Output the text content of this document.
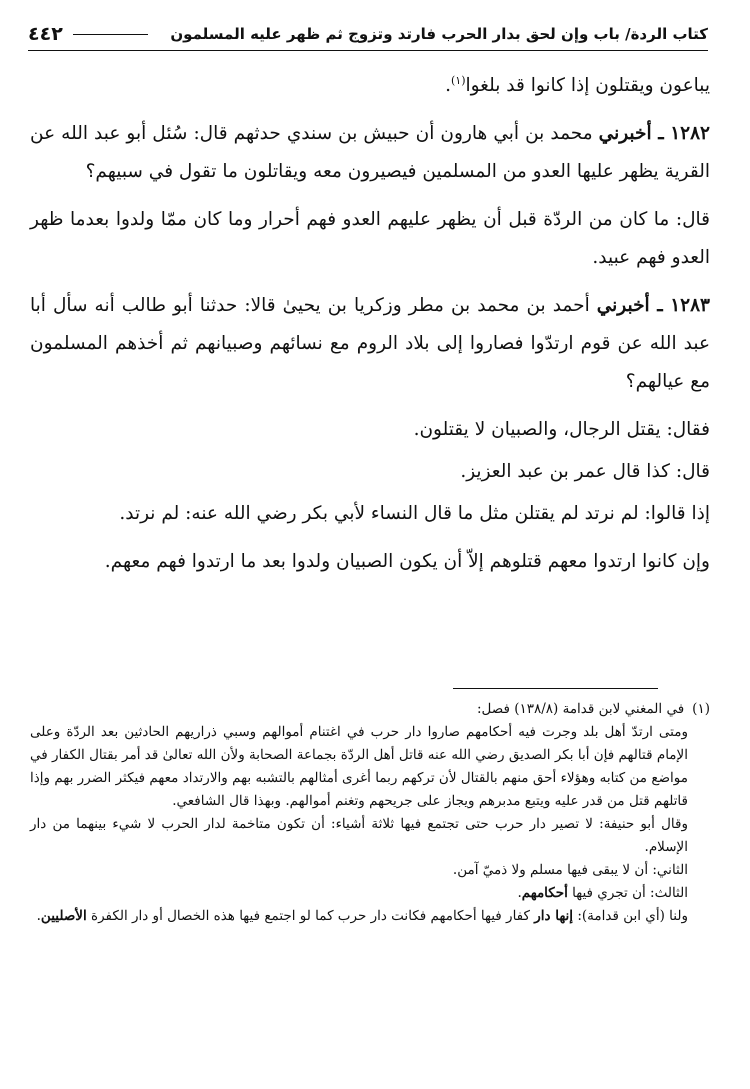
كتاب الردة/ باب وإن لحق بدار الحرب فارتد وتزوج ثم ظهر عليه المسلمون
٤٤٢

يباعون ويقتلون إذا كانوا قد بلغوا$^{(١)}$.

١٢٨٢ ـ أخبرني محمد بن أبي هارون أن حبيش بن سندي حدثهم قال: سُئل أبو عبد الله عن القرية يظهر عليها العدو من المسلمين فيصيرون معه ويقاتلون ما تقول في سبيهم؟

قال: ما كان من الردّة قبل أن يظهر عليهم العدو فهم أحرار وما كان ممّا ولدوا بعدما ظهر العدو فهم عبيد.

١٢٨٣ ـ أخبرني أحمد بن محمد بن مطر وزكريا بن يحيىٰ قالا: حدثنا أبو طالب أنه سأل أبا عبد الله عن قوم ارتدّوا فصاروا إلى بلاد الروم مع نسائهم وصبيانهم ثم أخذهم المسلمون مع عيالهم؟

فقال: يقتل الرجال، والصبيان لا يقتلون.

قال: كذا قال عمر بن عبد العزيز.

إذا قالوا: لم نرتد لم يقتلن مثل ما قال النساء لأبي بكر رضي الله عنه: لم نرتد.

وإن كانوا ارتدوا معهم قتلوهم إلاّ أن يكون الصبيان ولدوا بعد ما ارتدوا فهم معهم.

(١)
في المغني لابن قدامة (١٣٨/٨) فصل:

ومتى ارتدّ أهل بلد وجرت فيه أحكامهم صاروا دار حرب في اغتنام أموالهم وسبي ذراريهم الحادثين بعد الردّة وعلى الإمام قتالهم فإن أبا بكر الصديق رضي الله عنه قاتل أهل الردّة بجماعة الصحابة ولأن الله تعالىٰ قد أمر بقتال الكفار في مواضع من كتابه وهؤلاء أحق منهم بالقتال لأن تركهم ربما أغرى أمثالهم بالتشبه بهم والارتداد معهم فيكثر الضرر بهم وإذا قاتلهم قتل من قدر عليه ويتبع مدبرهم ويجاز على جريحهم وتغنم أموالهم. وبهذا قال الشافعي.

وقال أبو حنيفة: لا تصير دار حرب حتى تجتمع فيها ثلاثة أشياء: أن تكون متاخمة لدار الحرب لا شيء بينهما من دار الإسلام.

الثاني: أن لا يبقى فيها مسلم ولا ذميّ آمن.

الثالث: أن تجري فيها أحكامهم.

ولنا (أي ابن قدامة): إنها دار كفار فيها أحكامهم فكانت دار حرب كما لو اجتمع فيها هذه الخصال أو دار الكفرة الأصليين.
